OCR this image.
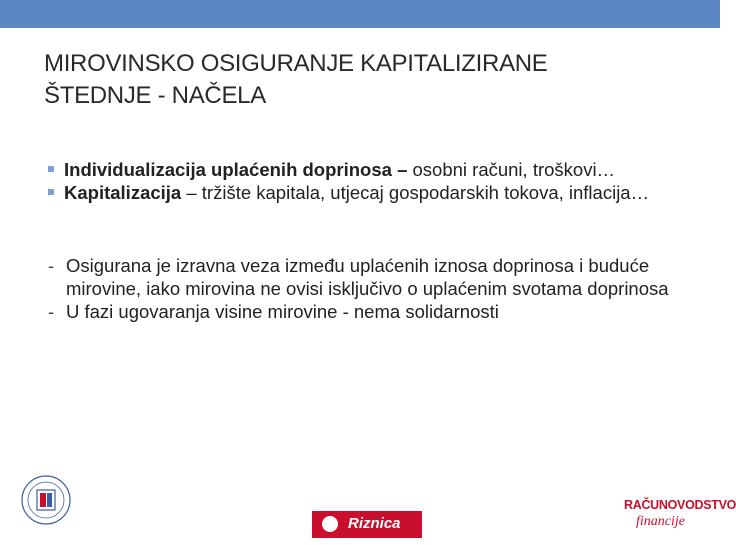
MIROVINSKO OSIGURANJE KAPITALIZIRANE
ŠTEDNJE - NAČELA
Individualizacija uplaćenih doprinosa – osobni računi, troškovi…
Kapitalizacija – tržište kapitala, utjecaj gospodarskih tokova, inflacija…
- Osigurana je izravna veza između uplaćenih iznosa doprinosa i buduće mirovine, iako mirovina ne ovisi isključivo o uplaćenim svotama doprinosa
- U fazi ugovaranja visine mirovine - nema solidarnosti
Riznica
RAČUNOVODSTVO
financije
